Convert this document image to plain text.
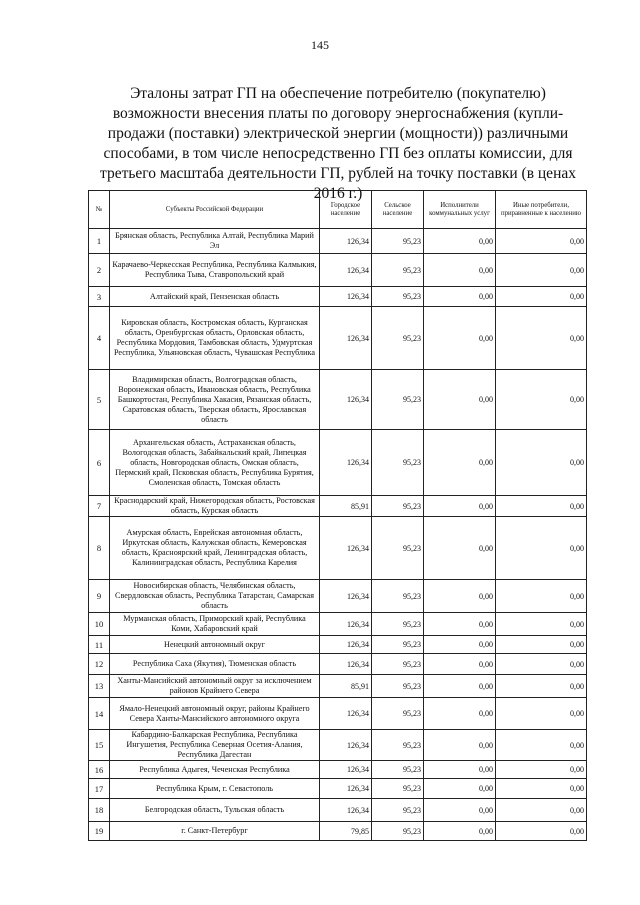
145
Эталоны затрат ГП на обеспечение потребителю (покупателю) возможности внесения платы по договору энергоснабжения (купли-продажи (поставки) электрической энергии (мощности)) различными способами, в том числе непосредственно ГП без оплаты комиссии, для третьего масштаба деятельности ГП, рублей на точку поставки (в ценах 2016 г.)
№	Субъекты Российской Федерации	Городское население	Сельское население	Исполнители коммунальных услуг	Иные потребители, приравненные к населению
1	Брянская область, Республика Алтай, Республика Марий Эл	126,34	95,23	0,00	0,00
2	Карачаево-Черкесская Республика, Республика Калмыкия, Республика Тыва, Ставропольский край	126,34	95,23	0,00	0,00
3	Алтайский край, Пензенская область	126,34	95,23	0,00	0,00
4	Кировская область, Костромская область, Курганская область, Оренбургская область, Орловская область, Республика Мордовия, Тамбовская область, Удмуртская Республика, Ульяновская область, Чувашская Республика	126,34	95,23	0,00	0,00
5	Владимирская область, Волгоградская область, Воронежская область, Ивановская область, Республика Башкортостан, Республика Хакасия, Рязанская область, Саратовская область, Тверская область, Ярославская область	126,34	95,23	0,00	0,00
6	Архангельская область, Астраханская область, Вологодская область, Забайкальский край, Липецкая область, Новгородская область, Омская область, Пермский край, Псковская область, Республика Бурятия, Смоленская область, Томская область	126,34	95,23	0,00	0,00
7	Краснодарский край, Нижегородская область, Ростовская область, Курская область	85,91	95,23	0,00	0,00
8	Амурская область, Еврейская автономная область, Иркутская область, Калужская область, Кемеровская область, Красноярский край, Ленинградская область, Калининградская область, Республика Карелия	126,34	95,23	0,00	0,00
9	Новосибирская область, Челябинская область, Свердловская область, Республика Татарстан, Самарская область	126,34	95,23	0,00	0,00
10	Мурманская область, Приморский край, Республика Коми, Хабаровский край	126,34	95,23	0,00	0,00
11	Ненецкий автономный округ	126,34	95,23	0,00	0,00
12	Республика Саха (Якутия), Тюменская область	126,34	95,23	0,00	0,00
13	Ханты-Мансийский автономный округ за исключением районов Крайнего Севера	85,91	95,23	0,00	0,00
14	Ямало-Ненецкий автономный округ, районы Крайнего Севера Ханты-Мансийского автономного округа	126,34	95,23	0,00	0,00
15	Кабардино-Балкарская Республика, Республика Ингушетия, Республика Северная Осетия-Алания, Республика Дагестан	126,34	95,23	0,00	0,00
16	Республика Адыгея, Чеченская Республика	126,34	95,23	0,00	0,00
17	Республика Крым, г. Севастополь	126,34	95,23	0,00	0,00
18	Белгородская область, Тульская область	126,34	95,23	0,00	0,00
19	г. Санкт-Петербург	79,85	95,23	0,00	0,00
